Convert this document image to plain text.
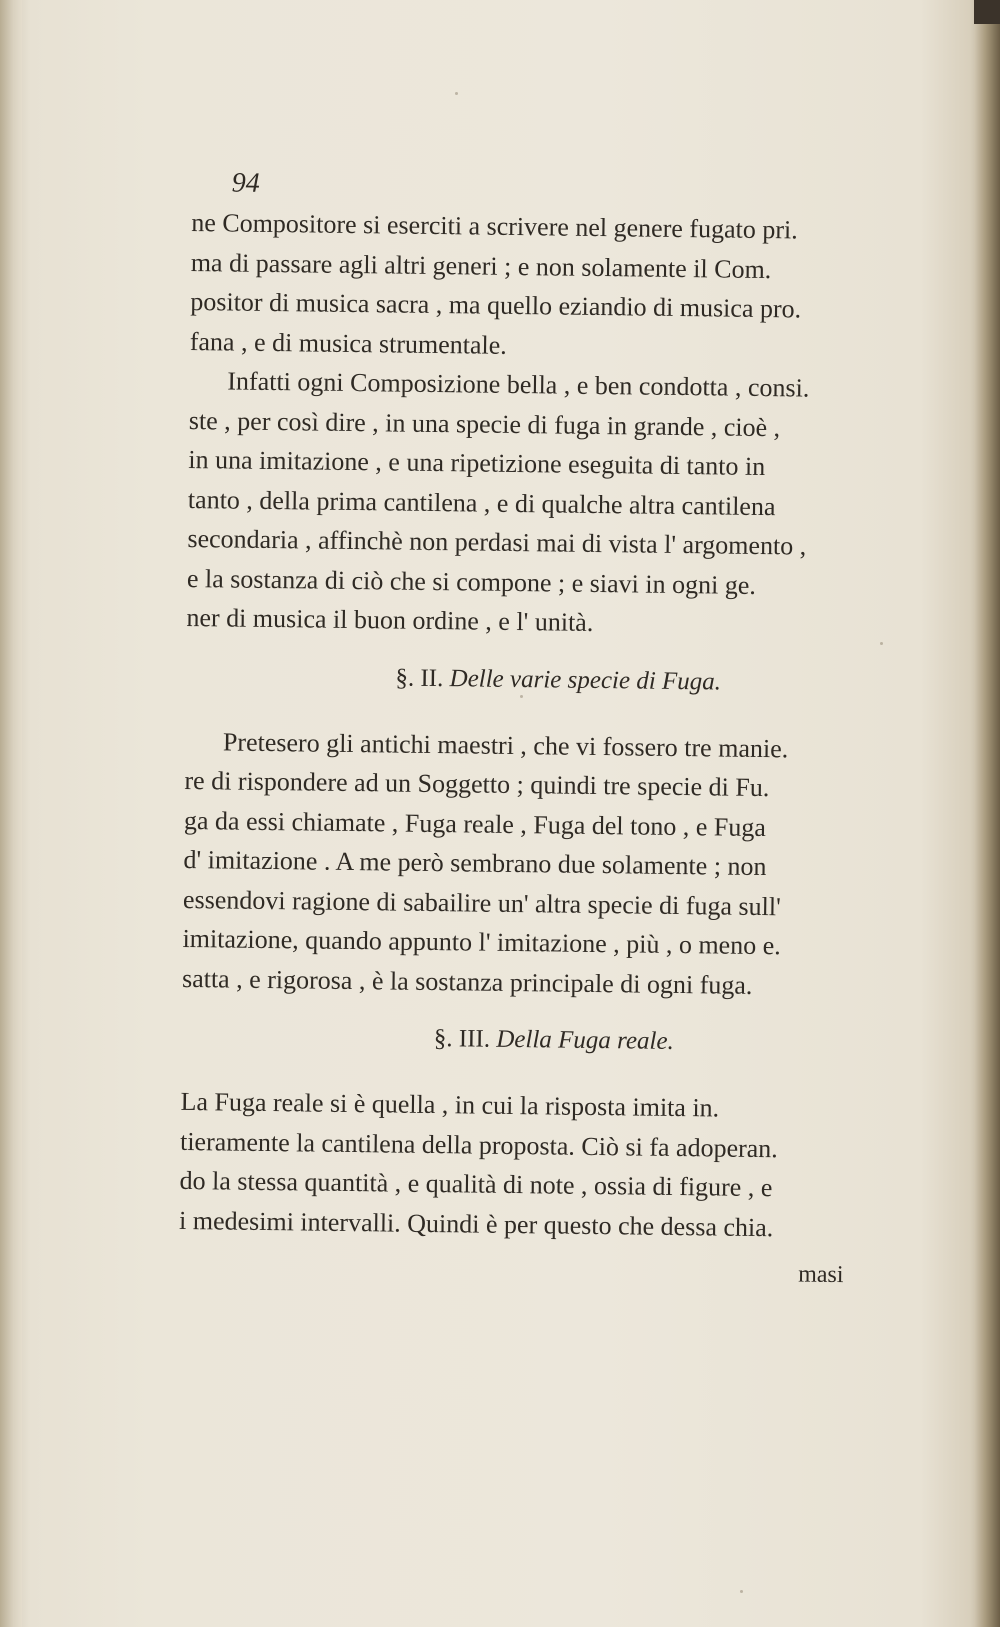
94

ne Compositore si eserciti a scrivere nel genere fugato pri.
ma di passare agli altri generi ; e non solamente il Com.
positor di musica sacra , ma quello eziandio di musica pro.
fana , e di musica strumentale.

Infatti ogni Composizione bella , e ben condotta , consi.
ste , per così dire , in una specie di fuga in grande , cioè ,
in una imitazione , e una ripetizione eseguita di tanto in
tanto , della prima cantilena , e di qualche altra cantilena
secondaria , affinchè non perdasi mai di vista l' argomento ,
e la sostanza di ciò che si compone ; e siavi in ogni ge.
ner di musica il buon ordine , e l' unità.

§. II. Delle varie specie di Fuga.

Pretesero gli antichi maestri , che vi fossero tre manie.
re di rispondere ad un Soggetto ; quindi tre specie di Fu.
ga da essi chiamate , Fuga reale , Fuga del tono , e Fuga
d' imitazione . A me però sembrano due solamente ; non
essendovi ragione di sabailire un' altra specie di fuga sull'
imitazione, quando appunto l' imitazione , più , o meno e.
satta , e rigorosa , è la sostanza principale di ogni fuga.

§. III. Della Fuga reale.

La Fuga reale si è quella , in cui la risposta imita in.
tieramente la cantilena della proposta. Ciò si fa adoperan.
do la stessa quantità , e qualità di note , ossia di figure , e
i medesimi intervalli. Quindi è per questo che dessa chia.

masi
